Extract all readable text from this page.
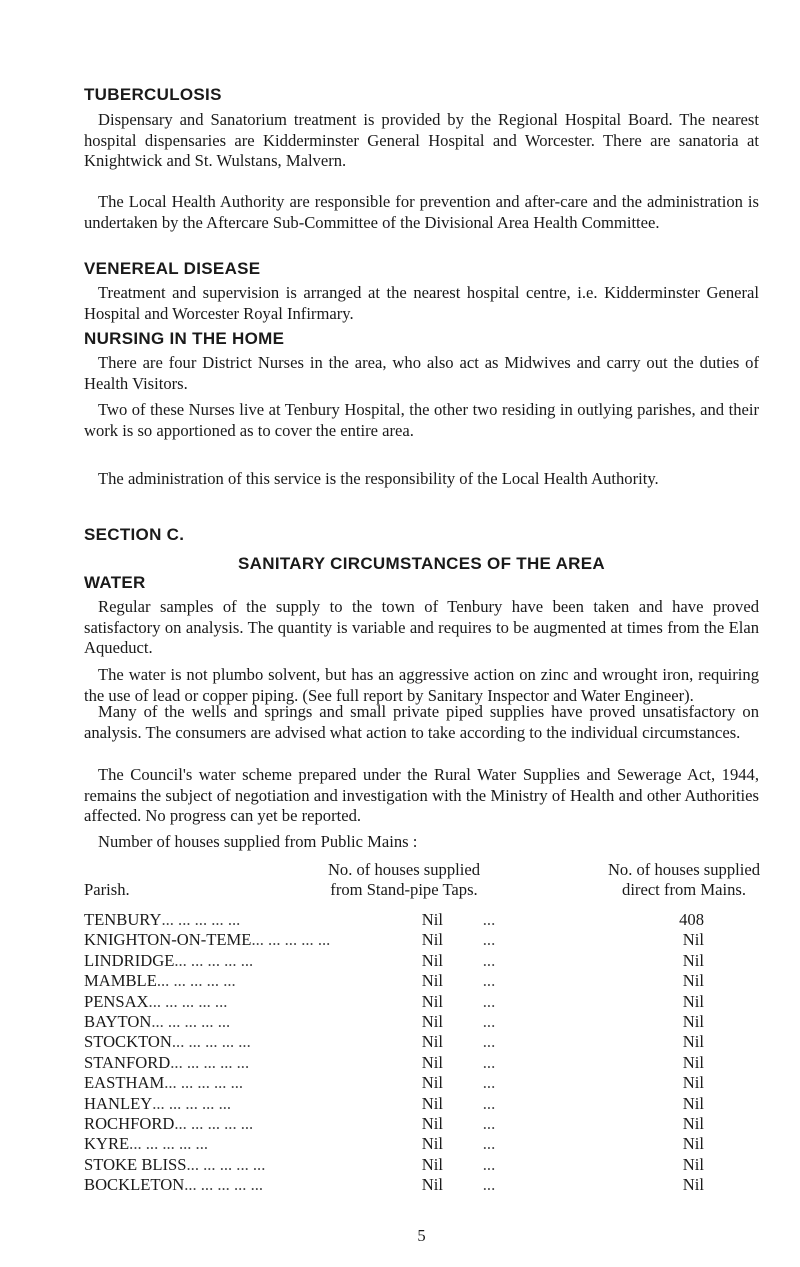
TUBERCULOSIS

Dispensary and Sanatorium treatment is provided by the Regional Hospital Board. The nearest hospital dispensaries are Kidderminster General Hospital and Worcester. There are sanatoria at Knightwick and St. Wulstans, Malvern.

The Local Health Authority are responsible for prevention and after-care and the administration is undertaken by the Aftercare Sub-Committee of the Divisional Area Health Committee.

VENEREAL DISEASE

Treatment and supervision is arranged at the nearest hospital centre, i.e. Kidderminster General Hospital and Worcester Royal Infirmary.

NURSING IN THE HOME

There are four District Nurses in the area, who also act as Midwives and carry out the duties of Health Visitors.

Two of these Nurses live at Tenbury Hospital, the other two residing in outlying parishes, and their work is so apportioned as to cover the entire area.

The administration of this service is the responsibility of the Local Health Authority.

SECTION C.
SANITARY CIRCUMSTANCES OF THE AREA
WATER

Regular samples of the supply to the town of Tenbury have been taken and have proved satisfactory on analysis. The quantity is variable and requires to be augmented at times from the Elan Aqueduct.

The water is not plumbo solvent, but has an aggressive action on zinc and wrought iron, requiring the use of lead or copper piping. (See full report by Sanitary Inspector and Water Engineer).

Many of the wells and springs and small private piped supplies have proved unsatisfactory on analysis. The consumers are advised what action to take according to the individual circumstances.

The Council's water scheme prepared under the Rural Water Supplies and Sewerage Act, 1944, remains the subject of negotiation and investigation with the Ministry of Health and other Authorities affected. No progress can yet be reported.

Number of houses supplied from Public Mains :

No. of houses supplied
from Stand-pipe Taps.
No. of houses supplied
direct from Mains.
Parish.
TENBURY ... ... ... ... ...	Nil	...	408
KNIGHTON-ON-TEME ... ... ... ... ...	Nil	...	Nil
LINDRIDGE ... ... ... ... ...	Nil	...	Nil
MAMBLE ... ... ... ... ...	Nil	...	Nil
PENSAX ... ... ... ... ...	Nil	...	Nil
BAYTON ... ... ... ... ...	Nil	...	Nil
STOCKTON ... ... ... ... ...	Nil	...	Nil
STANFORD ... ... ... ... ...	Nil	...	Nil
EASTHAM ... ... ... ... ...	Nil	...	Nil
HANLEY ... ... ... ... ...	Nil	...	Nil
ROCHFORD ... ... ... ... ...	Nil	...	Nil
KYRE ... ... ... ... ...	Nil	...	Nil
STOKE BLISS ... ... ... ... ...	Nil	...	Nil
BOCKLETON ... ... ... ... ...	Nil	...	Nil
5
